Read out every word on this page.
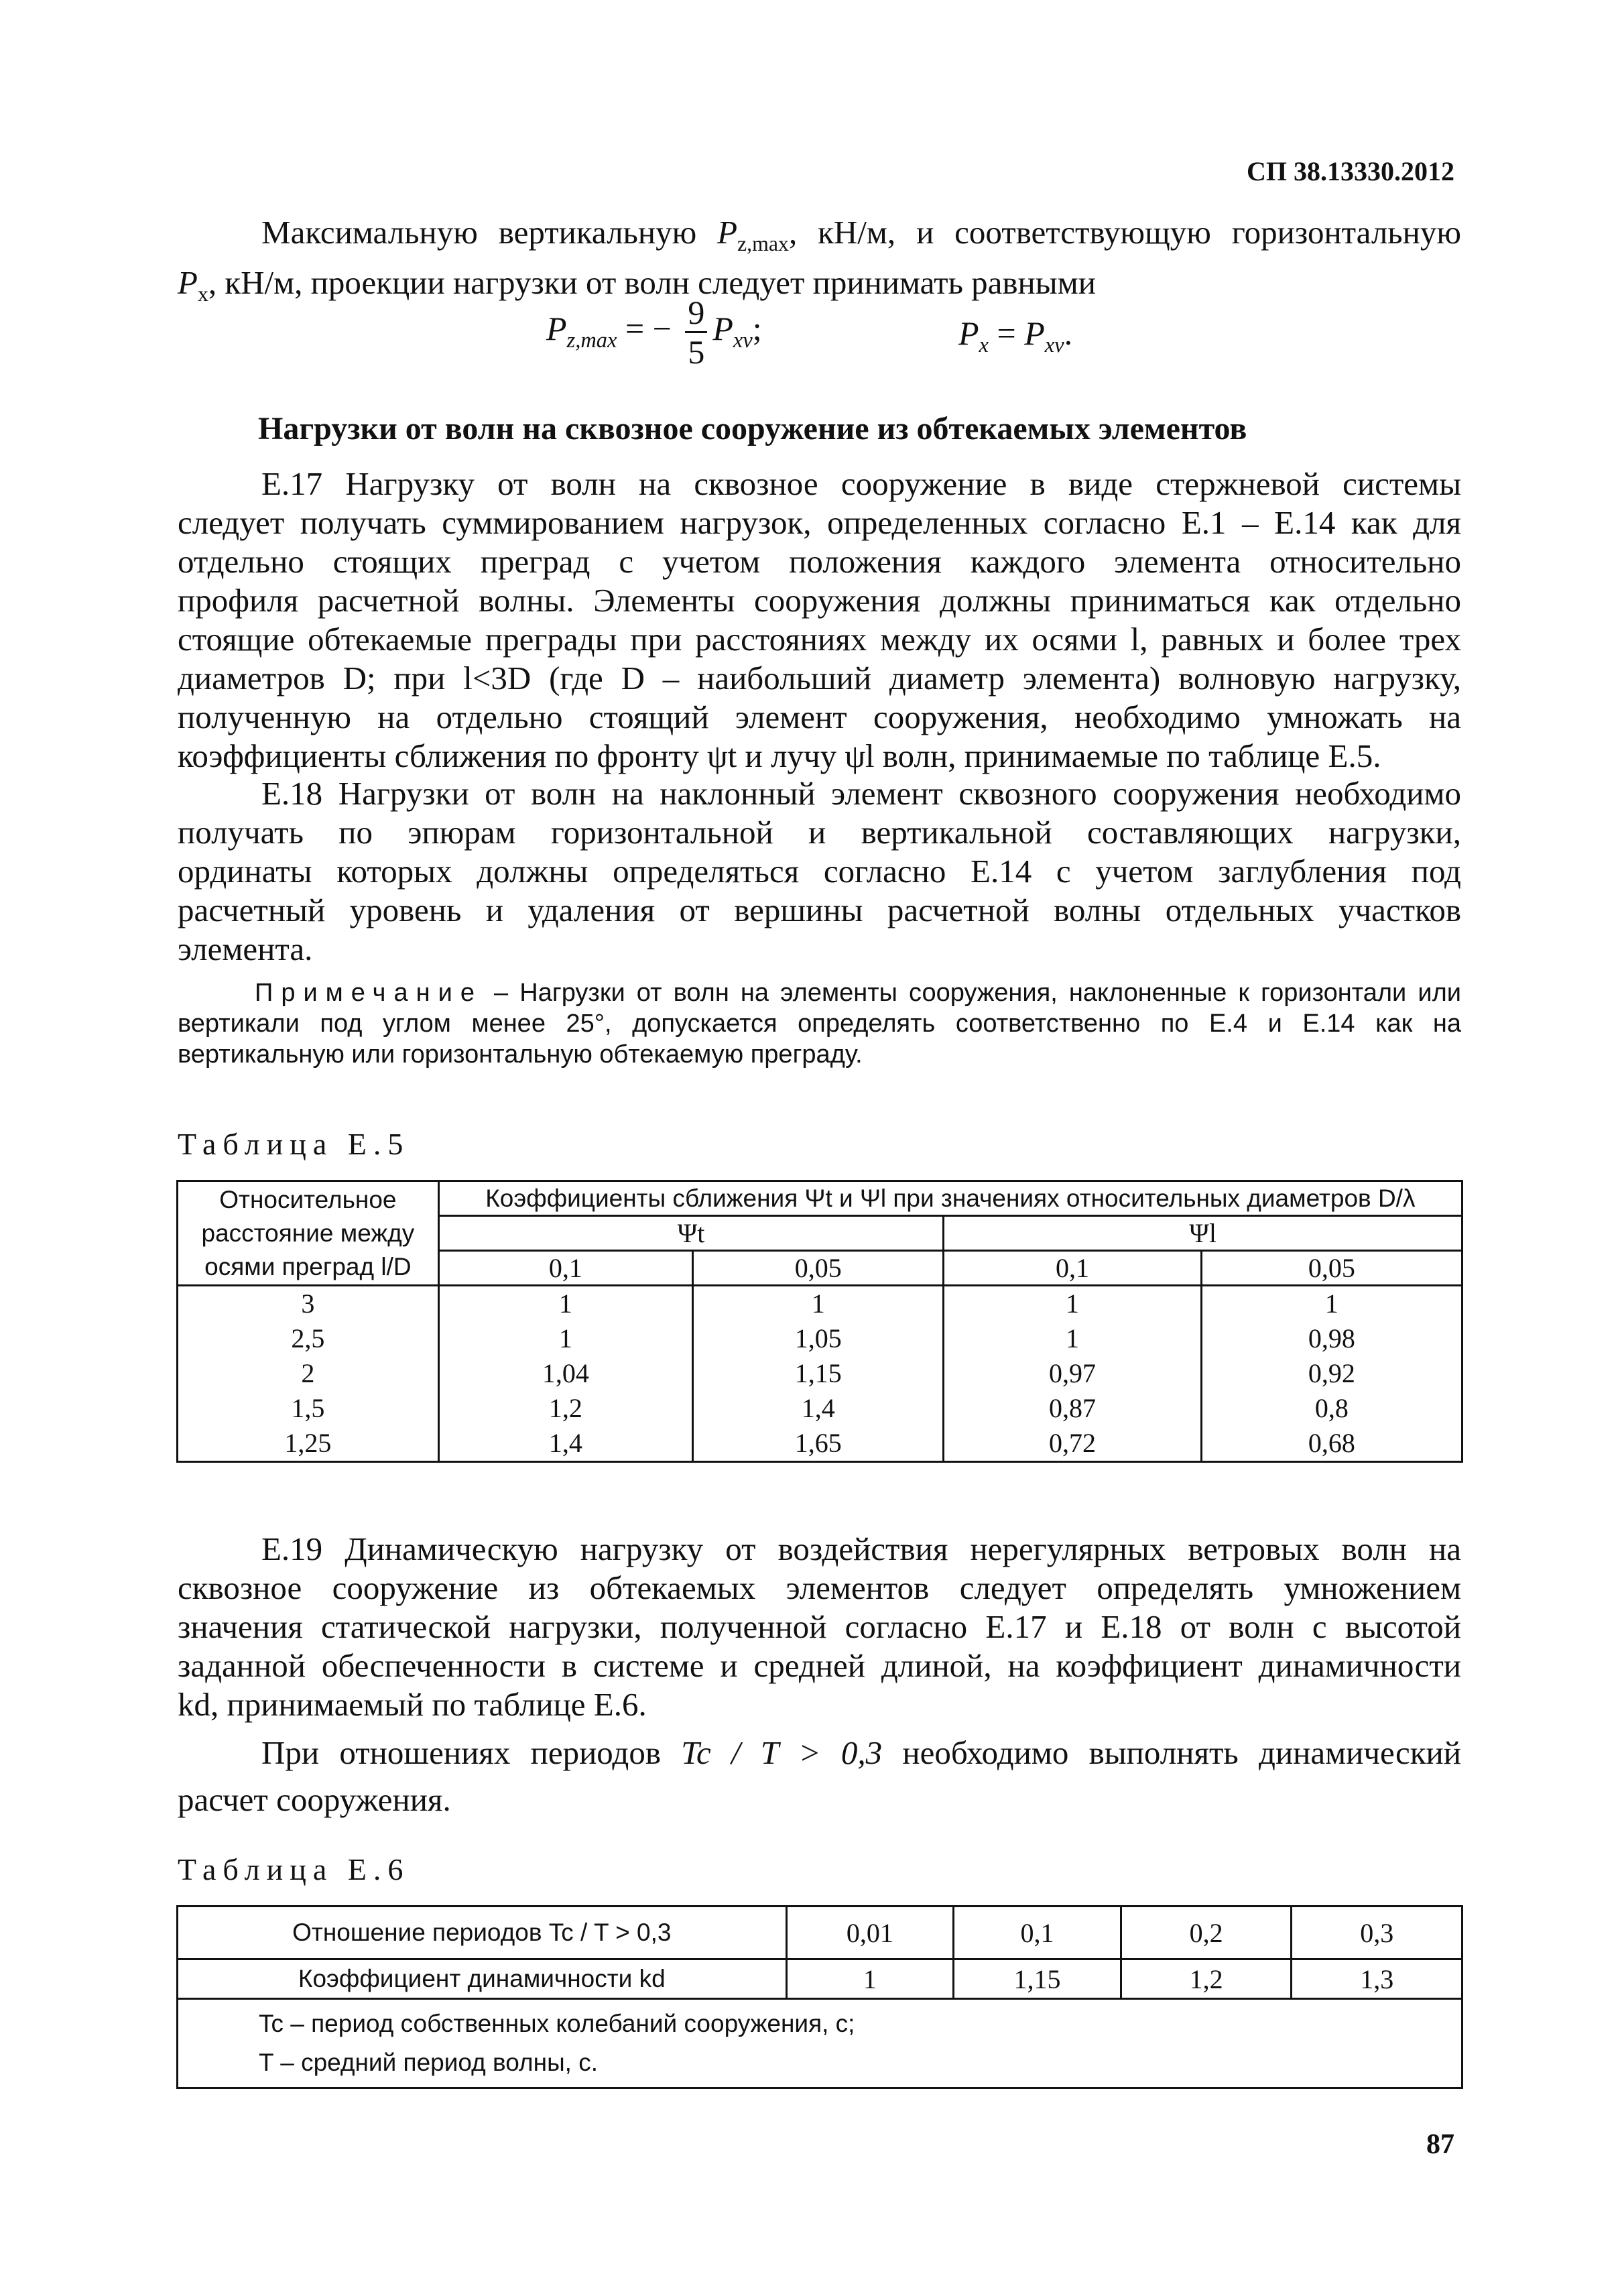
СП 38.13330.2012
Максимальную вертикальную $P_{z,max}$, кН/м, и соответствующую горизонтальную
$P_x$, кН/м, проекции нагрузки от волн следует принимать равными
$P_{z,max}$ = − $\frac{9}{5} P_{xv}$;	$P_x = P_{xv}$.
Нагрузки от волн на сквозное сооружение из обтекаемых элементов
Е.17 Нагрузку от волн на сквозное сооружение в виде стержневой системы
следует получать суммированием нагрузок, определенных согласно Е.1 – Е.14 как для
отдельно стоящих преград с учетом положения каждого элемента относительно
профиля расчетной волны. Элементы сооружения должны приниматься как отдельно
стоящие обтекаемые преграды при расстояниях между их осями l, равных и более трех
диаметров D; при l<3D (где D – наибольший диаметр элемента) волновую нагрузку,
полученную на отдельно стоящий элемент сооружения, необходимо умножать на
коэффициенты сближения по фронту ψt и лучу ψl волн, принимаемые по таблице Е.5.
Е.18 Нагрузки от волн на наклонный элемент сквозного сооружения необходимо
получать по эпюрам горизонтальной и вертикальной составляющих нагрузки,
ординаты которых должны определяться согласно Е.14 с учетом заглубления под
расчетный уровень и удаления от вершины расчетной волны отдельных участков
элемента.
Примечание – Нагрузки от волн на элементы сооружения, наклоненные к горизонтали или
вертикали под углом менее 25°, допускается определять соответственно по Е.4 и Е.14 как на
вертикальную или горизонтальную обтекаемую преграду.
Таблица Е.5
Относительное
расстояние между
осями преград l/D	Коэффициенты сближения Ψt и Ψl при значениях относительных диаметров D/λ			
	Ψt		Ψl	
	0,1	0,05	0,1	0,05
3	1	1	1	1
2,5	1	1,05	1	0,98
2	1,04	1,15	0,97	0,92
1,5	1,2	1,4	0,87	0,8
1,25	1,4	1,65	0,72	0,68
Е.19 Динамическую нагрузку от воздействия нерегулярных ветровых волн на
сквозное сооружение из обтекаемых элементов следует определять умножением
значения статической нагрузки, полученной согласно Е.17 и Е.18 от волн с высотой
заданной обеспеченности в системе и средней длиной, на коэффициент динамичности
kd, принимаемый по таблице Е.6.
При отношениях периодов Tc / T > 0,3 необходимо выполнять динамический
расчет сооружения.
Таблица Е.6
Отношение периодов Tc / T > 0,3	0,01	0,1	0,2	0,3
Коэффициент динамичности kd	1	1,15	1,2	1,3

Tc – период собственных колебаний сооружения, с;
T – средний период волны, с.				
87
